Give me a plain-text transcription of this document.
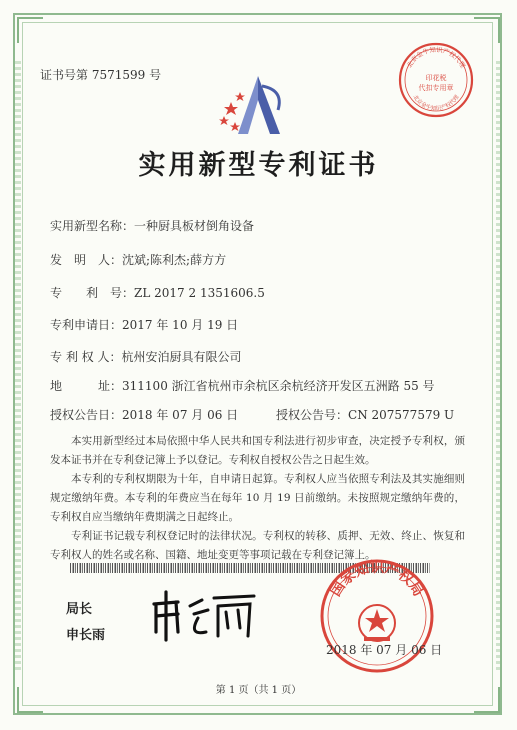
证书号第 7571599 号
北京金牛知识产权代理
北京金牛知识产权代理
印花税
代扣专用章
实用新型专利证书
实用新型名称：一种厨具板材倒角设备
发　明　人：沈斌;陈利杰;薛方方
专　　利　号：ZL 2017 2 1351606.5
专利申请日：2017 年 10 月 19 日
专 利 权 人：杭州安泊厨具有限公司
地　　　址：311100 浙江省杭州市余杭区余杭经济开发区五洲路 55 号
授权公告日：2018 年 07 月 06 日	授权公告号：CN 207577579 U
本实用新型经过本局依照中华人民共和国专利法进行初步审查，决定授予专利权，颁发本证书并在专利登记簿上予以登记。专利权自授权公告之日起生效。
本专利的专利权期限为十年，自申请日起算。专利权人应当依照专利法及其实施细则规定缴纳年费。本专利的年费应当在每年 10 月 19 日前缴纳。未按照规定缴纳年费的，专利权自应当缴纳年费期满之日起终止。
专利证书记载专利权登记时的法律状况。专利权的转移、质押、无效、终止、恢复和专利权人的姓名或名称、国籍、地址变更等事项记载在专利登记簿上。
局长
申长雨
国家知识产权局
2018 年 07 月 06 日
第 1 页（共 1 页）
